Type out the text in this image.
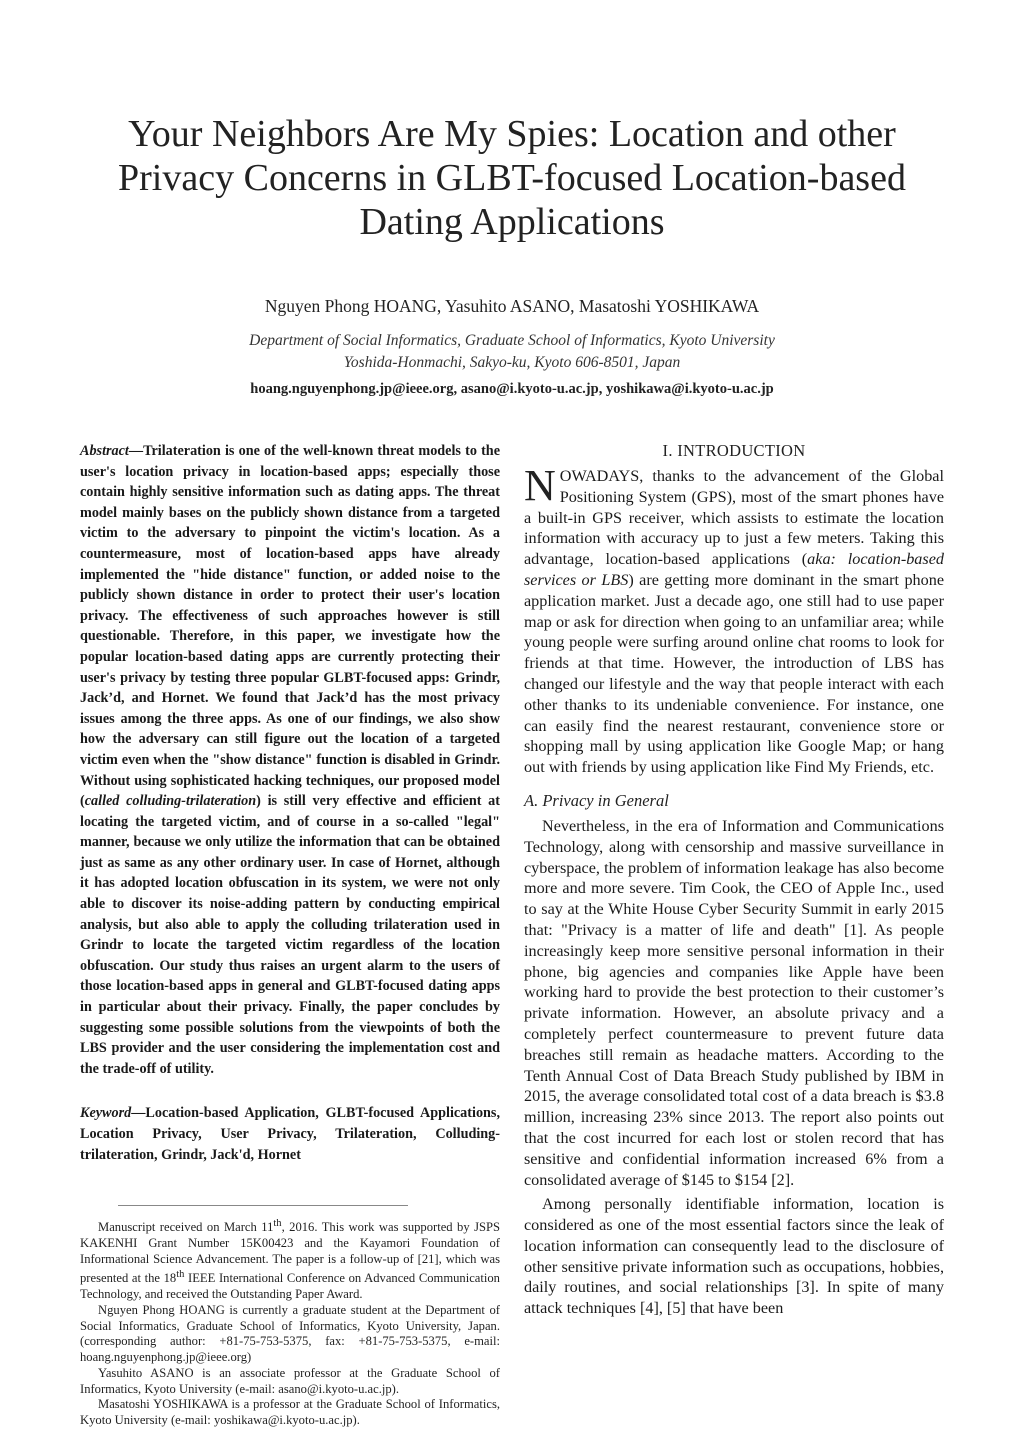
Your Neighbors Are My Spies: Location and other Privacy Concerns in GLBT-focused Location-based Dating Applications

Nguyen Phong HOANG, Yasuhito ASANO, Masatoshi YOSHIKAWA

Department of Social Informatics, Graduate School of Informatics, Kyoto University
Yoshida-Honmachi, Sakyo-ku, Kyoto 606-8501, Japan

hoang.nguyenphong.jp@ieee.org, asano@i.kyoto-u.ac.jp, yoshikawa@i.kyoto-u.ac.jp

Abstract—Trilateration is one of the well-known threat models to the user's location privacy in location-based apps; especially those contain highly sensitive information such as dating apps. The threat model mainly bases on the publicly shown distance from a targeted victim to the adversary to pinpoint the victim's location. As a countermeasure, most of location-based apps have already implemented the "hide distance" function, or added noise to the publicly shown distance in order to protect their user's location privacy. The effectiveness of such approaches however is still questionable. Therefore, in this paper, we investigate how the popular location-based dating apps are currently protecting their user's privacy by testing three popular GLBT-focused apps: Grindr, Jack’d, and Hornet. We found that Jack’d has the most privacy issues among the three apps. As one of our findings, we also show how the adversary can still figure out the location of a targeted victim even when the "show distance" function is disabled in Grindr. Without using sophisticated hacking techniques, our proposed model (called colluding-trilateration) is still very effective and efficient at locating the targeted victim, and of course in a so-called "legal" manner, because we only utilize the information that can be obtained just as same as any other ordinary user. In case of Hornet, although it has adopted location obfuscation in its system, we were not only able to discover its noise-adding pattern by conducting empirical analysis, but also able to apply the colluding trilateration used in Grindr to locate the targeted victim regardless of the location obfuscation. Our study thus raises an urgent alarm to the users of those location-based apps in general and GLBT-focused dating apps in particular about their privacy. Finally, the paper concludes by suggesting some possible solutions from the viewpoints of both the LBS provider and the user considering the implementation cost and the trade-off of utility.

Keyword—Location-based Application, GLBT-focused Applications, Location Privacy, User Privacy, Trilateration, Colluding-trilateration, Grindr, Jack'd, Hornet

Manuscript received on March 11th, 2016. This work was supported by JSPS KAKENHI Grant Number 15K00423 and the Kayamori Foundation of Informational Science Advancement. The paper is a follow-up of [21], which was presented at the 18th IEEE International Conference on Advanced Communication Technology, and received the Outstanding Paper Award.

Nguyen Phong HOANG is currently a graduate student at the Department of Social Informatics, Graduate School of Informatics, Kyoto University, Japan. (corresponding author: +81-75-753-5375, fax: +81-75-753-5375, e-mail: hoang.nguyenphong.jp@ieee.org)

Yasuhito ASANO is an associate professor at the Graduate School of Informatics, Kyoto University (e-mail: asano@i.kyoto-u.ac.jp).

Masatoshi YOSHIKAWA is a professor at the Graduate School of Informatics, Kyoto University (e-mail: yoshikawa@i.kyoto-u.ac.jp).

I. INTRODUCTION

NOWADAYS, thanks to the advancement of the Global Positioning System (GPS), most of the smart phones have a built-in GPS receiver, which assists to estimate the location information with accuracy up to just a few meters. Taking this advantage, location-based applications (aka: location-based services or LBS) are getting more dominant in the smart phone application market. Just a decade ago, one still had to use paper map or ask for direction when going to an unfamiliar area; while young people were surfing around online chat rooms to look for friends at that time. However, the introduction of LBS has changed our lifestyle and the way that people interact with each other thanks to its undeniable convenience. For instance, one can easily find the nearest restaurant, convenience store or shopping mall by using application like Google Map; or hang out with friends by using application like Find My Friends, etc.

A. Privacy in General

Nevertheless, in the era of Information and Communications Technology, along with censorship and massive surveillance in cyberspace, the problem of information leakage has also become more and more severe. Tim Cook, the CEO of Apple Inc., used to say at the White House Cyber Security Summit in early 2015 that: "Privacy is a matter of life and death" [1]. As people increasingly keep more sensitive personal information in their phone, big agencies and companies like Apple have been working hard to provide the best protection to their customer’s private information. However, an absolute privacy and a completely perfect countermeasure to prevent future data breaches still remain as headache matters. According to the Tenth Annual Cost of Data Breach Study published by IBM in 2015, the average consolidated total cost of a data breach is $3.8 million, increasing 23% since 2013. The report also points out that the cost incurred for each lost or stolen record that has sensitive and confidential information increased 6% from a consolidated average of $145 to $154 [2].

Among personally identifiable information, location is considered as one of the most essential factors since the leak of location information can consequently lead to the disclosure of other sensitive private information such as occupations, hobbies, daily routines, and social relationships [3]. In spite of many attack techniques [4], [5] that have been
